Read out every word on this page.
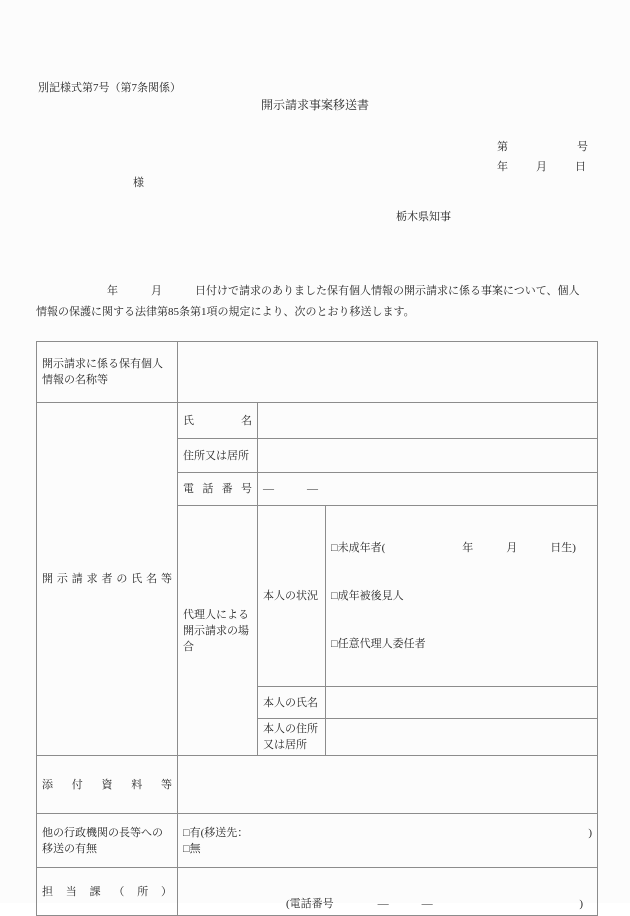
別記様式第7号（第7条関係）
開示請求事案移送書
第	号
年	月	日
様
栃木県知事
年　　　月　　　日付けで請求のありました保有個人情報の開示請求に係る事案について、個人
情報の保護に関する法律第85条第1項の規定により、次のとおり移送します。
開示請求に係る保有個人情報の名称等			
開示請求者の氏名等	氏名		
	住所又は居所		
	電話番号	―　　　―	
	代理人による開示請求の場合	本人の状況	□未成年者(　　　　　　　年　　　月　　　日生)

□成年被後見人

□任意代理人委任者

		本人の氏名	
		本人の住所又は居所	
添付資料等			
他の行政機関の長等への移送の有無	□有(移送先： )
□無		

担当課（所）	(電話番号　　　　―　　　― )		
